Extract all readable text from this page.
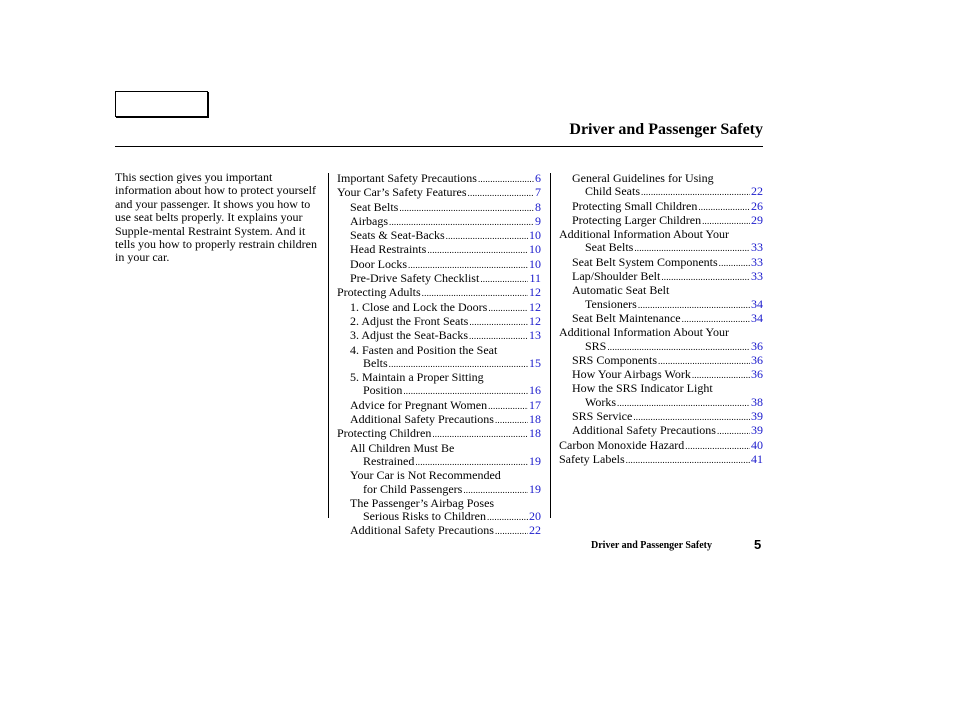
Driver and Passenger Safety
This section gives you important information about how to protect yourself and your passenger. It shows you how to use seat belts properly. It explains your Supple-mental Restraint System. And it tells you how to properly restrain children in your car.
Important Safety Precautions .....	6
Your Car’s Safety Features .....	7
Seat Belts .....	8
Airbags .....	9
Seats & Seat-Backs .....	10
Head Restraints .....	10
Door Locks .....	10
Pre-Drive Safety Checklist .....	11
Protecting Adults .....	12
1. Close and Lock the Doors .....	12
2. Adjust the Front Seats .....	12
3. Adjust the Seat-Backs .....	13
4. Fasten and Position the Seat
Belts .....	15
5. Maintain a Proper Sitting
Position .....	16
Advice for Pregnant Women .....	17
Additional Safety Precautions .....	18
Protecting Children .....	18
All Children Must Be
Restrained .....	19
Your Car is Not Recommended
for Child Passengers .....	19
The Passenger’s Airbag Poses
Serious Risks to Children .....	20
Additional Safety Precautions .....	22
General Guidelines for Using
Child Seats .....	22
Protecting Small Children .....	26
Protecting Larger Children .....	29
Additional Information About Your
Seat Belts .....	33
Seat Belt System Components .....	33
Lap/Shoulder Belt .....	33
Automatic Seat Belt
Tensioners .....	34
Seat Belt Maintenance .....	34
Additional Information About Your
SRS .....	36
SRS Components .....	36
How Your Airbags Work .....	36
How the SRS Indicator Light
Works .....	38
SRS Service .....	39
Additional Safety Precautions .....	39
Carbon Monoxide Hazard .....	40
Safety Labels .....	41
Driver and Passenger Safety	5
